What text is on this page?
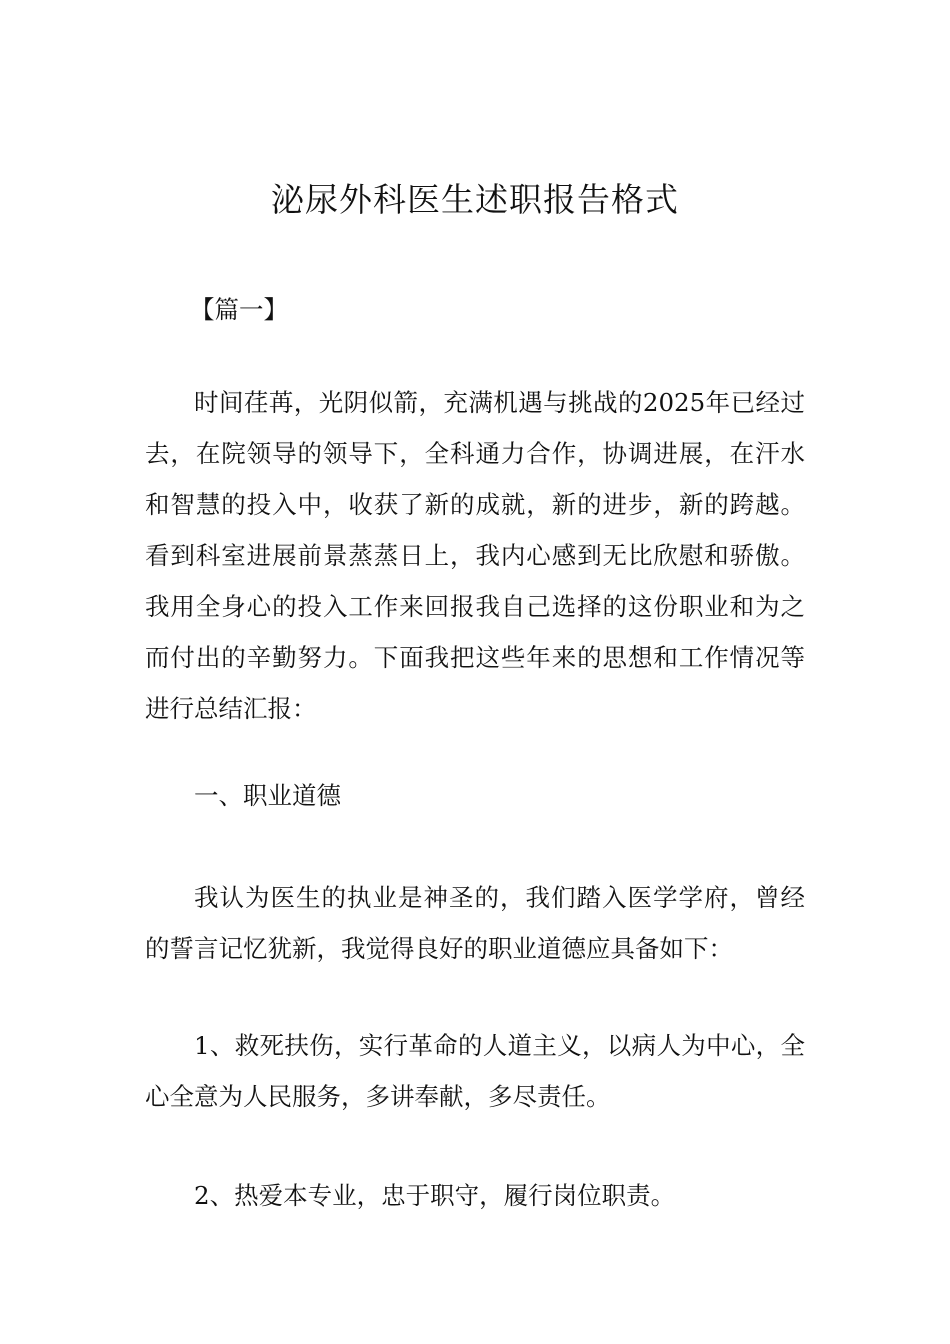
泌尿外科医生述职报告格式

【篇一】

时间荏苒，光阴似箭，充满机遇与挑战的2025年已经过去，在院领导的领导下，全科通力合作，协调进展，在汗水和智慧的投入中，收获了新的成就，新的进步，新的跨越。看到科室进展前景蒸蒸日上，我内心感到无比欣慰和骄傲。我用全身心的投入工作来回报我自己选择的这份职业和为之而付出的辛勤努力。下面我把这些年来的思想和工作情况等进行总结汇报：

一、职业道德

我认为医生的执业是神圣的，我们踏入医学学府，曾经的誓言记忆犹新，我觉得良好的职业道德应具备如下：

1、救死扶伤，实行革命的人道主义，以病人为中心，全心全意为人民服务，多讲奉献，多尽责任。

2、热爱本专业，忠于职守，履行岗位职责。
